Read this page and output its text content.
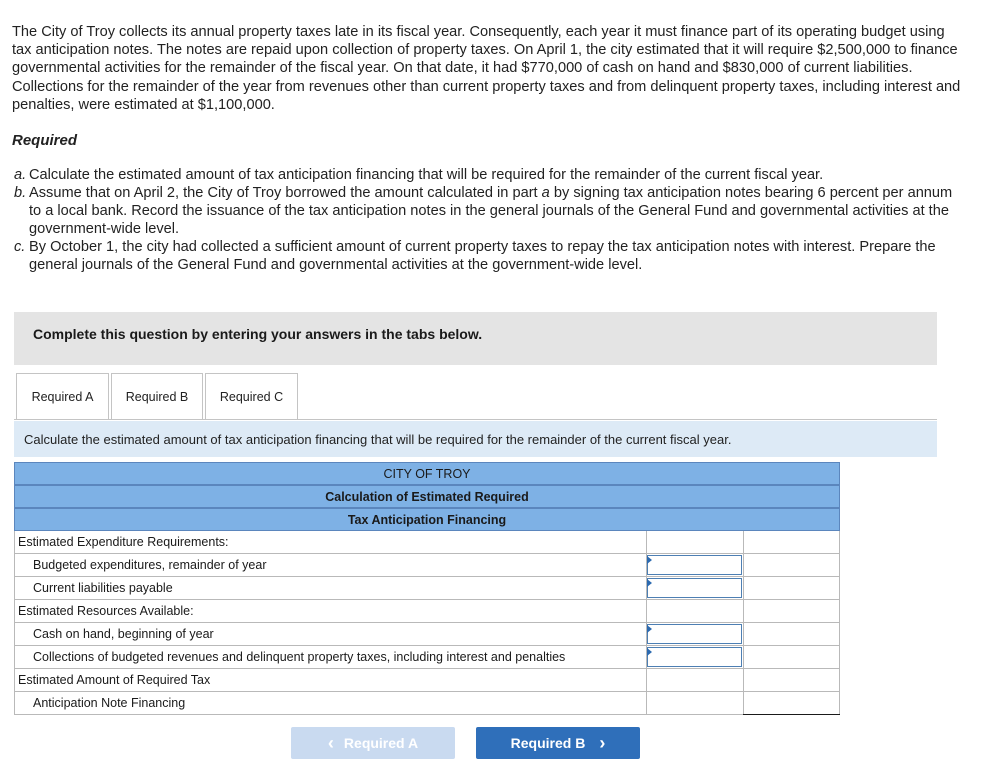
The City of Troy collects its annual property taxes late in its fiscal year. Consequently, each year it must finance part of its operating budget using tax anticipation notes. The notes are repaid upon collection of property taxes. On April 1, the city estimated that it will require $2,500,000 to finance governmental activities for the remainder of the fiscal year. On that date, it had $770,000 of cash on hand and $830,000 of current liabilities. Collections for the remainder of the year from revenues other than current property taxes and from delinquent property taxes, including interest and penalties, were estimated at $1,100,000.
Required
a. Calculate the estimated amount of tax anticipation financing that will be required for the remainder of the current fiscal year.
b. Assume that on April 2, the City of Troy borrowed the amount calculated in part a by signing tax anticipation notes bearing 6 percent per annum to a local bank. Record the issuance of the tax anticipation notes in the general journals of the General Fund and governmental activities at the government-wide level.
c. By October 1, the city had collected a sufficient amount of current property taxes to repay the tax anticipation notes with interest. Prepare the general journals of the General Fund and governmental activities at the government-wide level.
Complete this question by entering your answers in the tabs below.
Required A	Required B	Required C
Calculate the estimated amount of tax anticipation financing that will be required for the remainder of the current fiscal year.
CITY OF TROY
Calculation of Estimated Required
Tax Anticipation Financing
Estimated Expenditure Requirements:
Budgeted expenditures, remainder of year
Current liabilities payable
Estimated Resources Available:
Cash on hand, beginning of year
Collections of budgeted revenues and delinquent property taxes, including interest and penalties
Estimated Amount of Required Tax
Anticipation Note Financing
‹ Required A	Required B ›
